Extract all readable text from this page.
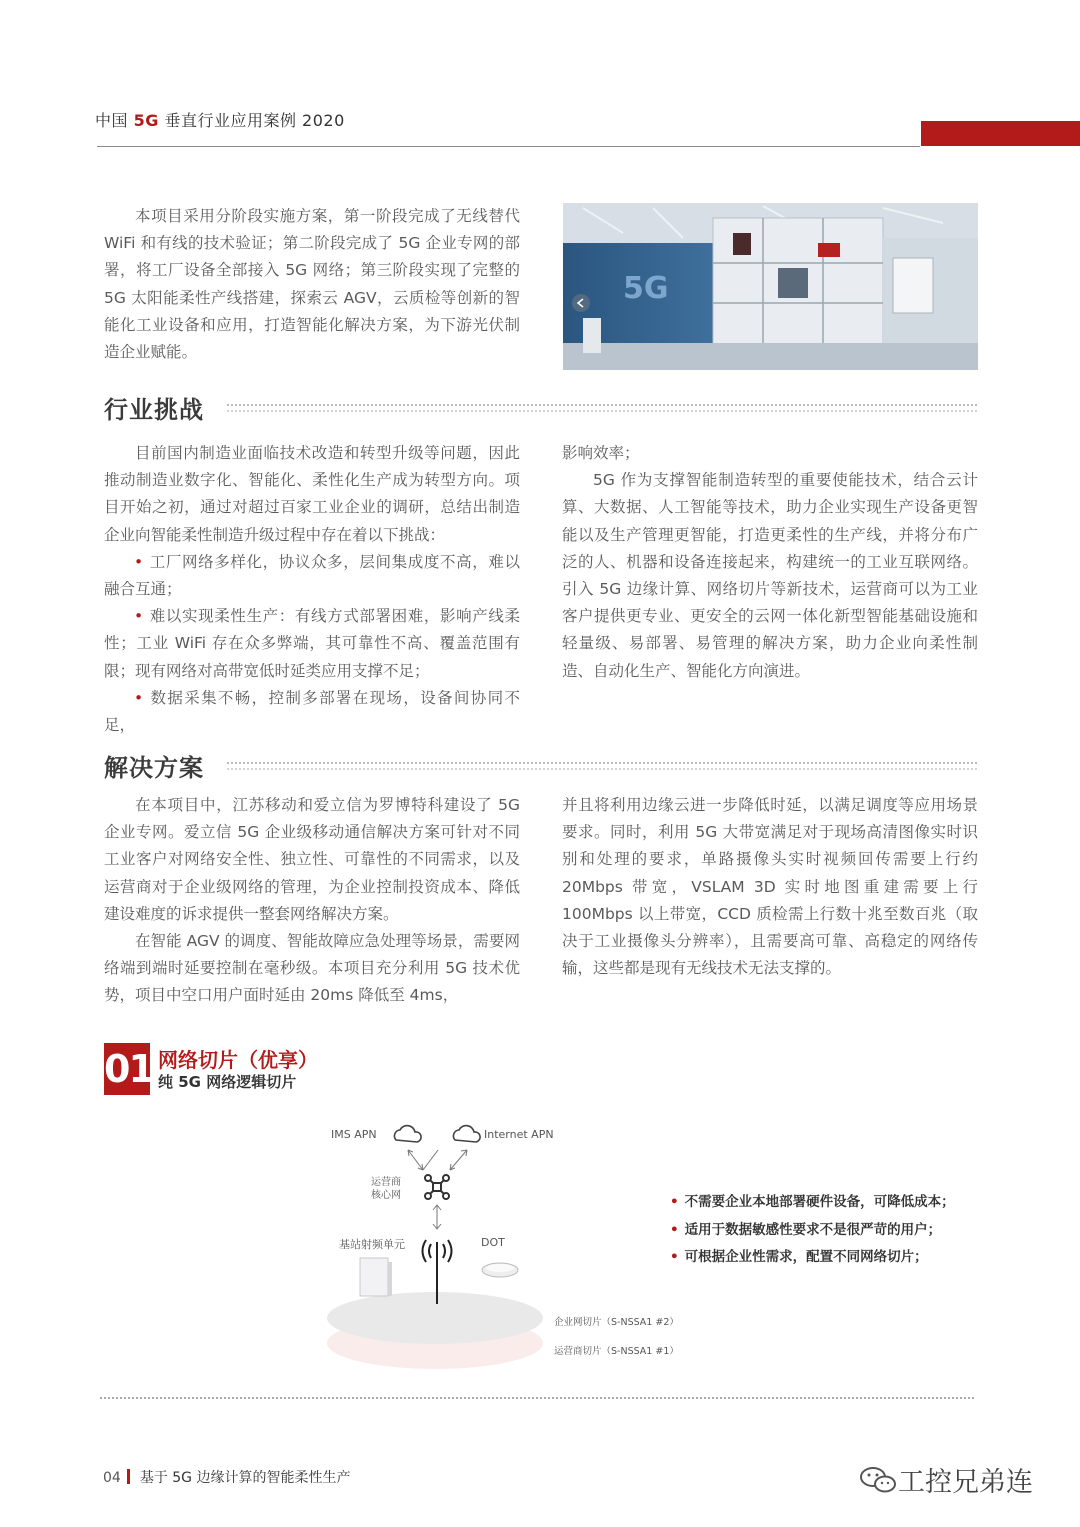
中国 5G 垂直行业应用案例 2020

本项目采用分阶段实施方案，第一阶段完成了无线替代 WiFi 和有线的技术验证；第二阶段完成了 5G 企业专网的部署，将工厂设备全部接入 5G 网络；第三阶段实现了完整的 5G 太阳能柔性产线搭建，探索云 AGV，云质检等创新的智能化工业设备和应用，打造智能化解决方案，为下游光伏制造企业赋能。

5G
行业挑战

目前国内制造业面临技术改造和转型升级等问题，因此推动制造业数字化、智能化、柔性化生产成为转型方向。项目开始之初，通过对超过百家工业企业的调研，总结出制造企业向智能柔性制造升级过程中存在着以下挑战：

• 工厂网络多样化，协议众多，层间集成度不高，难以融合互通；

• 难以实现柔性生产：有线方式部署困难，影响产线柔性；工业 WiFi 存在众多弊端，其可靠性不高、覆盖范围有限；现有网络对高带宽低时延类应用支撑不足；

• 数据采集不畅，控制多部署在现场，设备间协同不足，

影响效率；

5G 作为支撑智能制造转型的重要使能技术，结合云计算、大数据、人工智能等技术，助力企业实现生产设备更智能以及生产管理更智能，打造更柔性的生产线，并将分布广泛的人、机器和设备连接起来，构建统一的工业互联网络。引入 5G 边缘计算、网络切片等新技术，运营商可以为工业客户提供更专业、更安全的云网一体化新型智能基础设施和轻量级、易部署、易管理的解决方案，助力企业向柔性制造、自动化生产、智能化方向演进。

解决方案

在本项目中，江苏移动和爱立信为罗博特科建设了 5G 企业专网。爱立信 5G 企业级移动通信解决方案可针对不同工业客户对网络安全性、独立性、可靠性的不同需求，以及运营商对于企业级网络的管理，为企业控制投资成本、降低建设难度的诉求提供一整套网络解决方案。

在智能 AGV 的调度、智能故障应急处理等场景，需要网络端到端时延要控制在毫秒级。本项目充分利用 5G 技术优势，项目中空口用户面时延由 20ms 降低至 4ms，

并且将利用边缘云进一步降低时延，以满足调度等应用场景要求。同时，利用 5G 大带宽满足对于现场高清图像实时识别和处理的要求，单路摄像头实时视频回传需要上行约 20Mbps 带宽，VSLAM 3D 实时地图重建需要上行 100Mbps 以上带宽，CCD 质检需上行数十兆至数百兆（取决于工业摄像头分辨率），且需要高可靠、高稳定的网络传输，这些都是现有无线技术无法支撑的。

01 网络切片（优享）
纯 5G 网络逻辑切片
IMS APN	Internet APN
运营商
核心网
基站射频单元	DOT
企业网切片（S-NSSA1 #2）
运营商切片（S-NSSA1 #1）
• 不需要企业本地部署硬件设备，可降低成本；
• 适用于数据敏感性要求不是很严苛的用户；
• 可根据企业性需求，配置不同网络切片；
04 基于 5G 边缘计算的智能柔性生产	工控兄弟连
